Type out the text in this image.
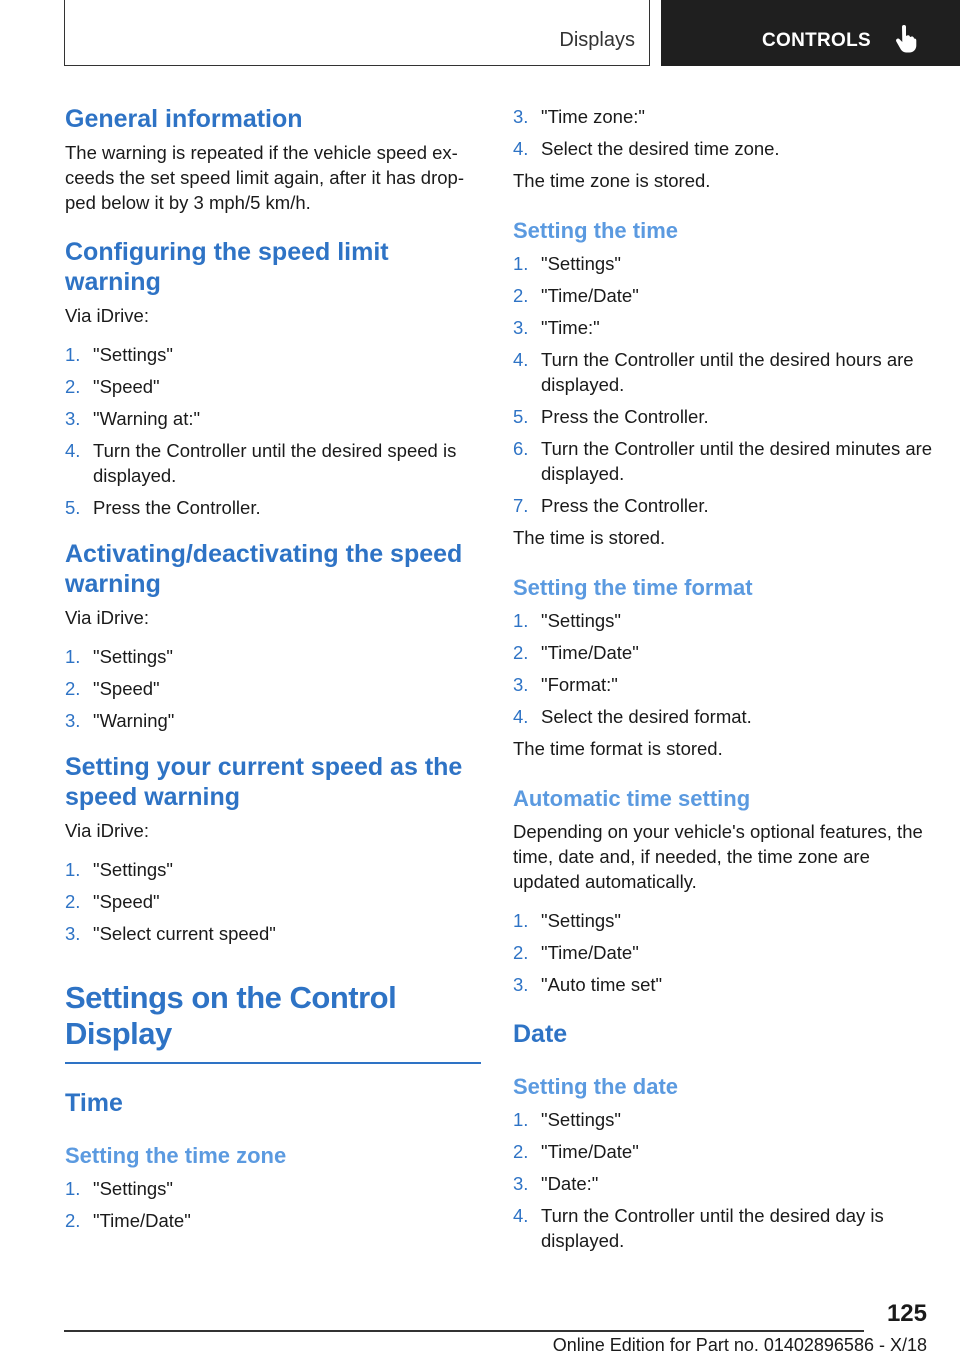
Displays	CONTROLS
General information
The warning is repeated if the vehicle speed ex-ceeds the set speed limit again, after it has drop-ped below it by 3 mph/5 km/h.
Configuring the speed limit warning
Via iDrive:
1. "Settings"
2. "Speed"
3. "Warning at:"
4. Turn the Controller until the desired speed is displayed.
5. Press the Controller.
Activating/deactivating the speed warning
Via iDrive:
1. "Settings"
2. "Speed"
3. "Warning"
Setting your current speed as the speed warning
Via iDrive:
1. "Settings"
2. "Speed"
3. "Select current speed"
Settings on the Control Display
Time
Setting the time zone
1. "Settings"
2. "Time/Date"
3. "Time zone:"
4. Select the desired time zone.
The time zone is stored.
Setting the time
1. "Settings"
2. "Time/Date"
3. "Time:"
4. Turn the Controller until the desired hours are displayed.
5. Press the Controller.
6. Turn the Controller until the desired minutes are displayed.
7. Press the Controller.
The time is stored.
Setting the time format
1. "Settings"
2. "Time/Date"
3. "Format:"
4. Select the desired format.
The time format is stored.
Automatic time setting
Depending on your vehicle's optional features, the time, date and, if needed, the time zone are updated automatically.
1. "Settings"
2. "Time/Date"
3. "Auto time set"
Date
Setting the date
1. "Settings"
2. "Time/Date"
3. "Date:"
4. Turn the Controller until the desired day is displayed.
125
Online Edition for Part no. 01402896586 - X/18
